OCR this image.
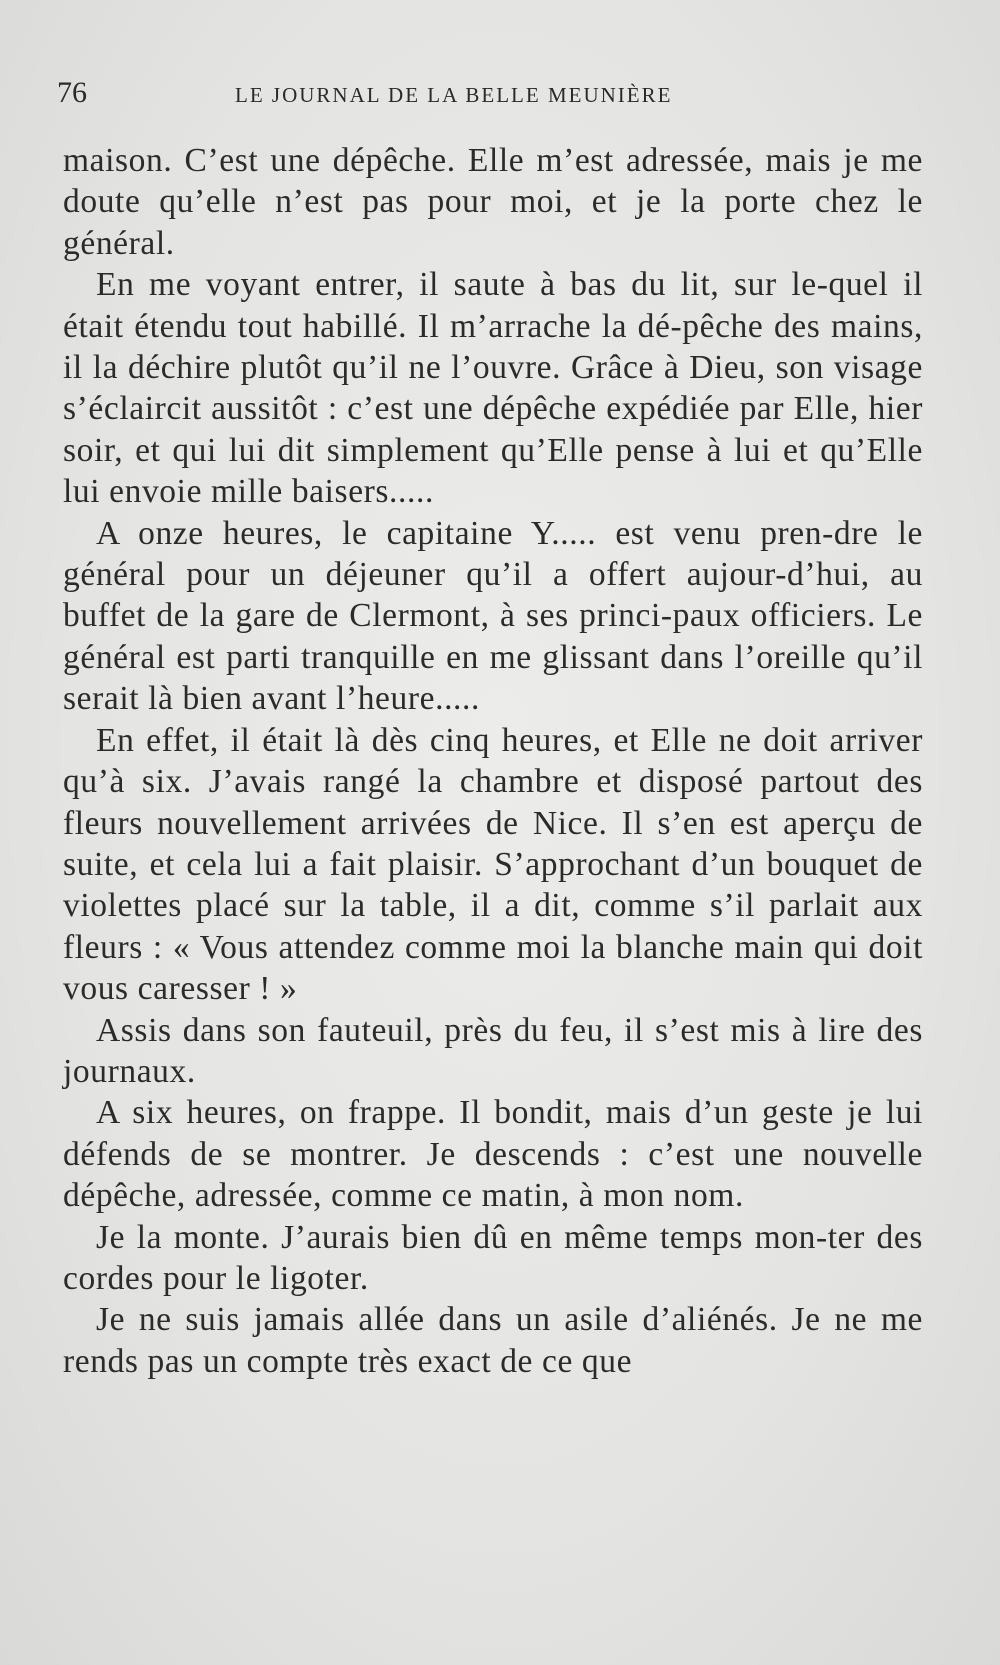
76	LE JOURNAL DE LA BELLE MEUNIÈRE

maison. C’est une dépêche. Elle m’est adressée, mais je me doute qu’elle n’est pas pour moi, et je la porte chez le général.

En me voyant entrer, il saute à bas du lit, sur le-quel il était étendu tout habillé. Il m’arrache la dé-pêche des mains, il la déchire plutôt qu’il ne l’ouvre. Grâce à Dieu, son visage s’éclaircit aussitôt : c’est une dépêche expédiée par Elle, hier soir, et qui lui dit simplement qu’Elle pense à lui et qu’Elle lui envoie mille baisers.....

A onze heures, le capitaine Y..... est venu pren-dre le général pour un déjeuner qu’il a offert aujour-d’hui, au buffet de la gare de Clermont, à ses princi-paux officiers. Le général est parti tranquille en me glissant dans l’oreille qu’il serait là bien avant l’heure.....

En effet, il était là dès cinq heures, et Elle ne doit arriver qu’à six. J’avais rangé la chambre et disposé partout des fleurs nouvellement arrivées de Nice. Il s’en est aperçu de suite, et cela lui a fait plaisir. S’approchant d’un bouquet de violettes placé sur la table, il a dit, comme s’il parlait aux fleurs : « Vous attendez comme moi la blanche main qui doit vous caresser ! »

Assis dans son fauteuil, près du feu, il s’est mis à lire des journaux.

A six heures, on frappe. Il bondit, mais d’un geste je lui défends de se montrer. Je descends : c’est une nouvelle dépêche, adressée, comme ce matin, à mon nom.

Je la monte. J’aurais bien dû en même temps mon-ter des cordes pour le ligoter.

Je ne suis jamais allée dans un asile d’aliénés. Je ne me rends pas un compte très exact de ce que
